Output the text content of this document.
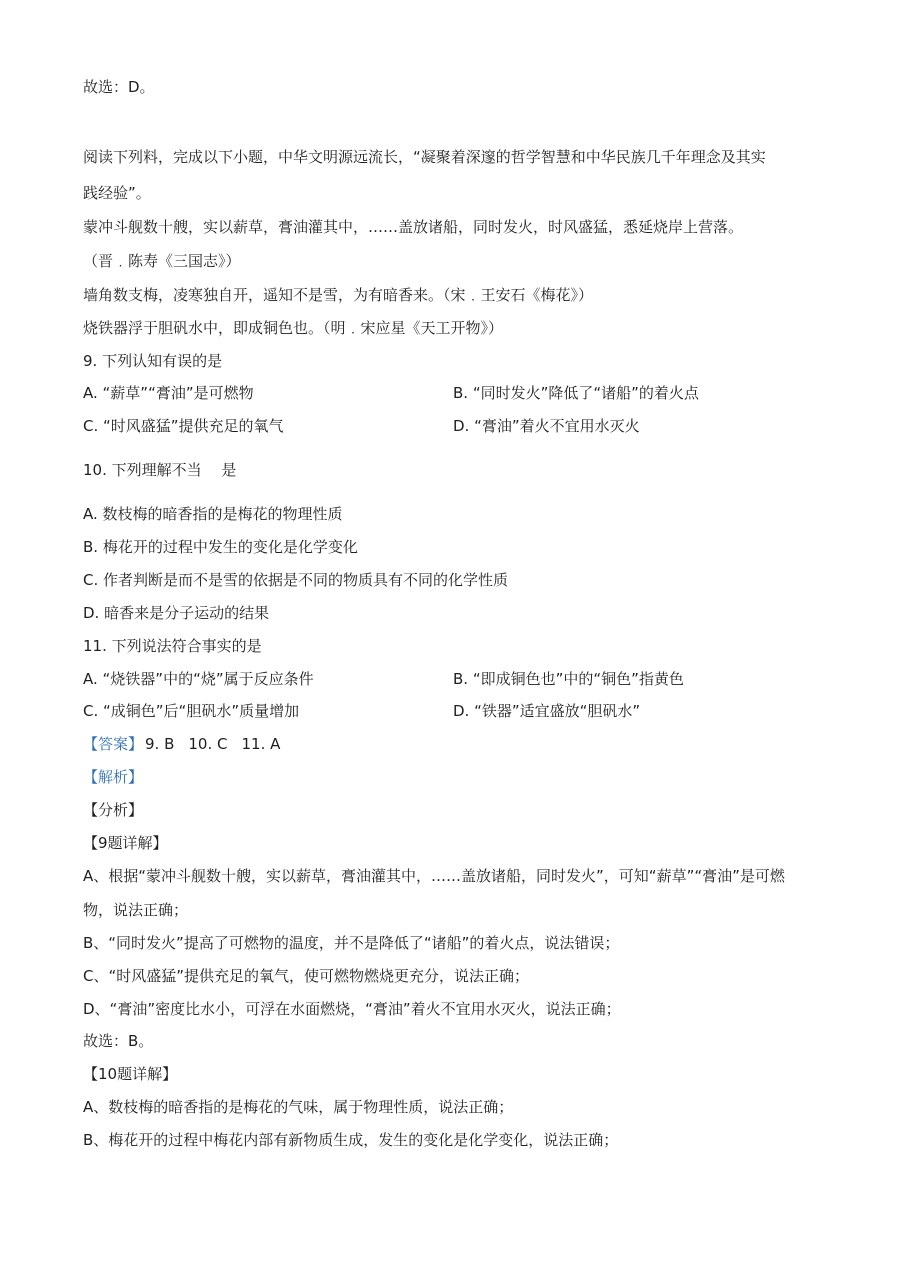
故选：D。
阅读下列料，完成以下小题，中华文明源远流长，“凝聚着深邃的哲学智慧和中华民族几千年理念及其实
践经验”。
蒙冲斗舰数十艘，实以薪草，膏油灌其中，……盖放诸船，同时发火，时风盛猛，悉延烧岸上营落。
（晋﹒陈寿《三国志》）
墙角数支梅，凌寒独自开，遥知不是雪，为有暗香来。（宋﹒王安石《梅花》）
烧铁器浮于胆矾水中，即成铜色也。（明﹒宋应星《天工开物》）
9. 下列认知有误的是
A. “薪草”“膏油”是可燃物	B. “同时发火”降低了“诸船”的着火点
C. “时风盛猛”提供充足的氧气	D. “膏油”着火不宜用水灭火
10. 下列理解不当　 是
A. 数枝梅的暗香指的是梅花的物理性质
B. 梅花开的过程中发生的变化是化学变化
C. 作者判断是而不是雪的依据是不同的物质具有不同的化学性质
D. 暗香来是分子运动的结果
11. 下列说法符合事实的是
A. “烧铁器”中的“烧”属于反应条件	B. “即成铜色也”中的“铜色”指黄色
C. “成铜色”后“胆矾水”质量增加	D. “铁器”适宜盛放“胆矾水”
【答案】 9. B 10. C 11. A
【解析】
【分析】
【9题详解】
A、根据“蒙冲斗舰数十艘，实以薪草，膏油灌其中，……盖放诸船，同时发火”，可知“薪草”“膏油”是可燃
物，说法正确；
B、“同时发火”提高了可燃物的温度，并不是降低了“诸船”的着火点，说法错误；
C、“时风盛猛”提供充足的氧气，使可燃物燃烧更充分，说法正确；
D、“膏油”密度比水小，可浮在水面燃烧，“膏油”着火不宜用水灭火，说法正确；
故选：B。
【10题详解】
A、数枝梅的暗香指的是梅花的气味，属于物理性质，说法正确；
B、梅花开的过程中梅花内部有新物质生成，发生的变化是化学变化，说法正确；
